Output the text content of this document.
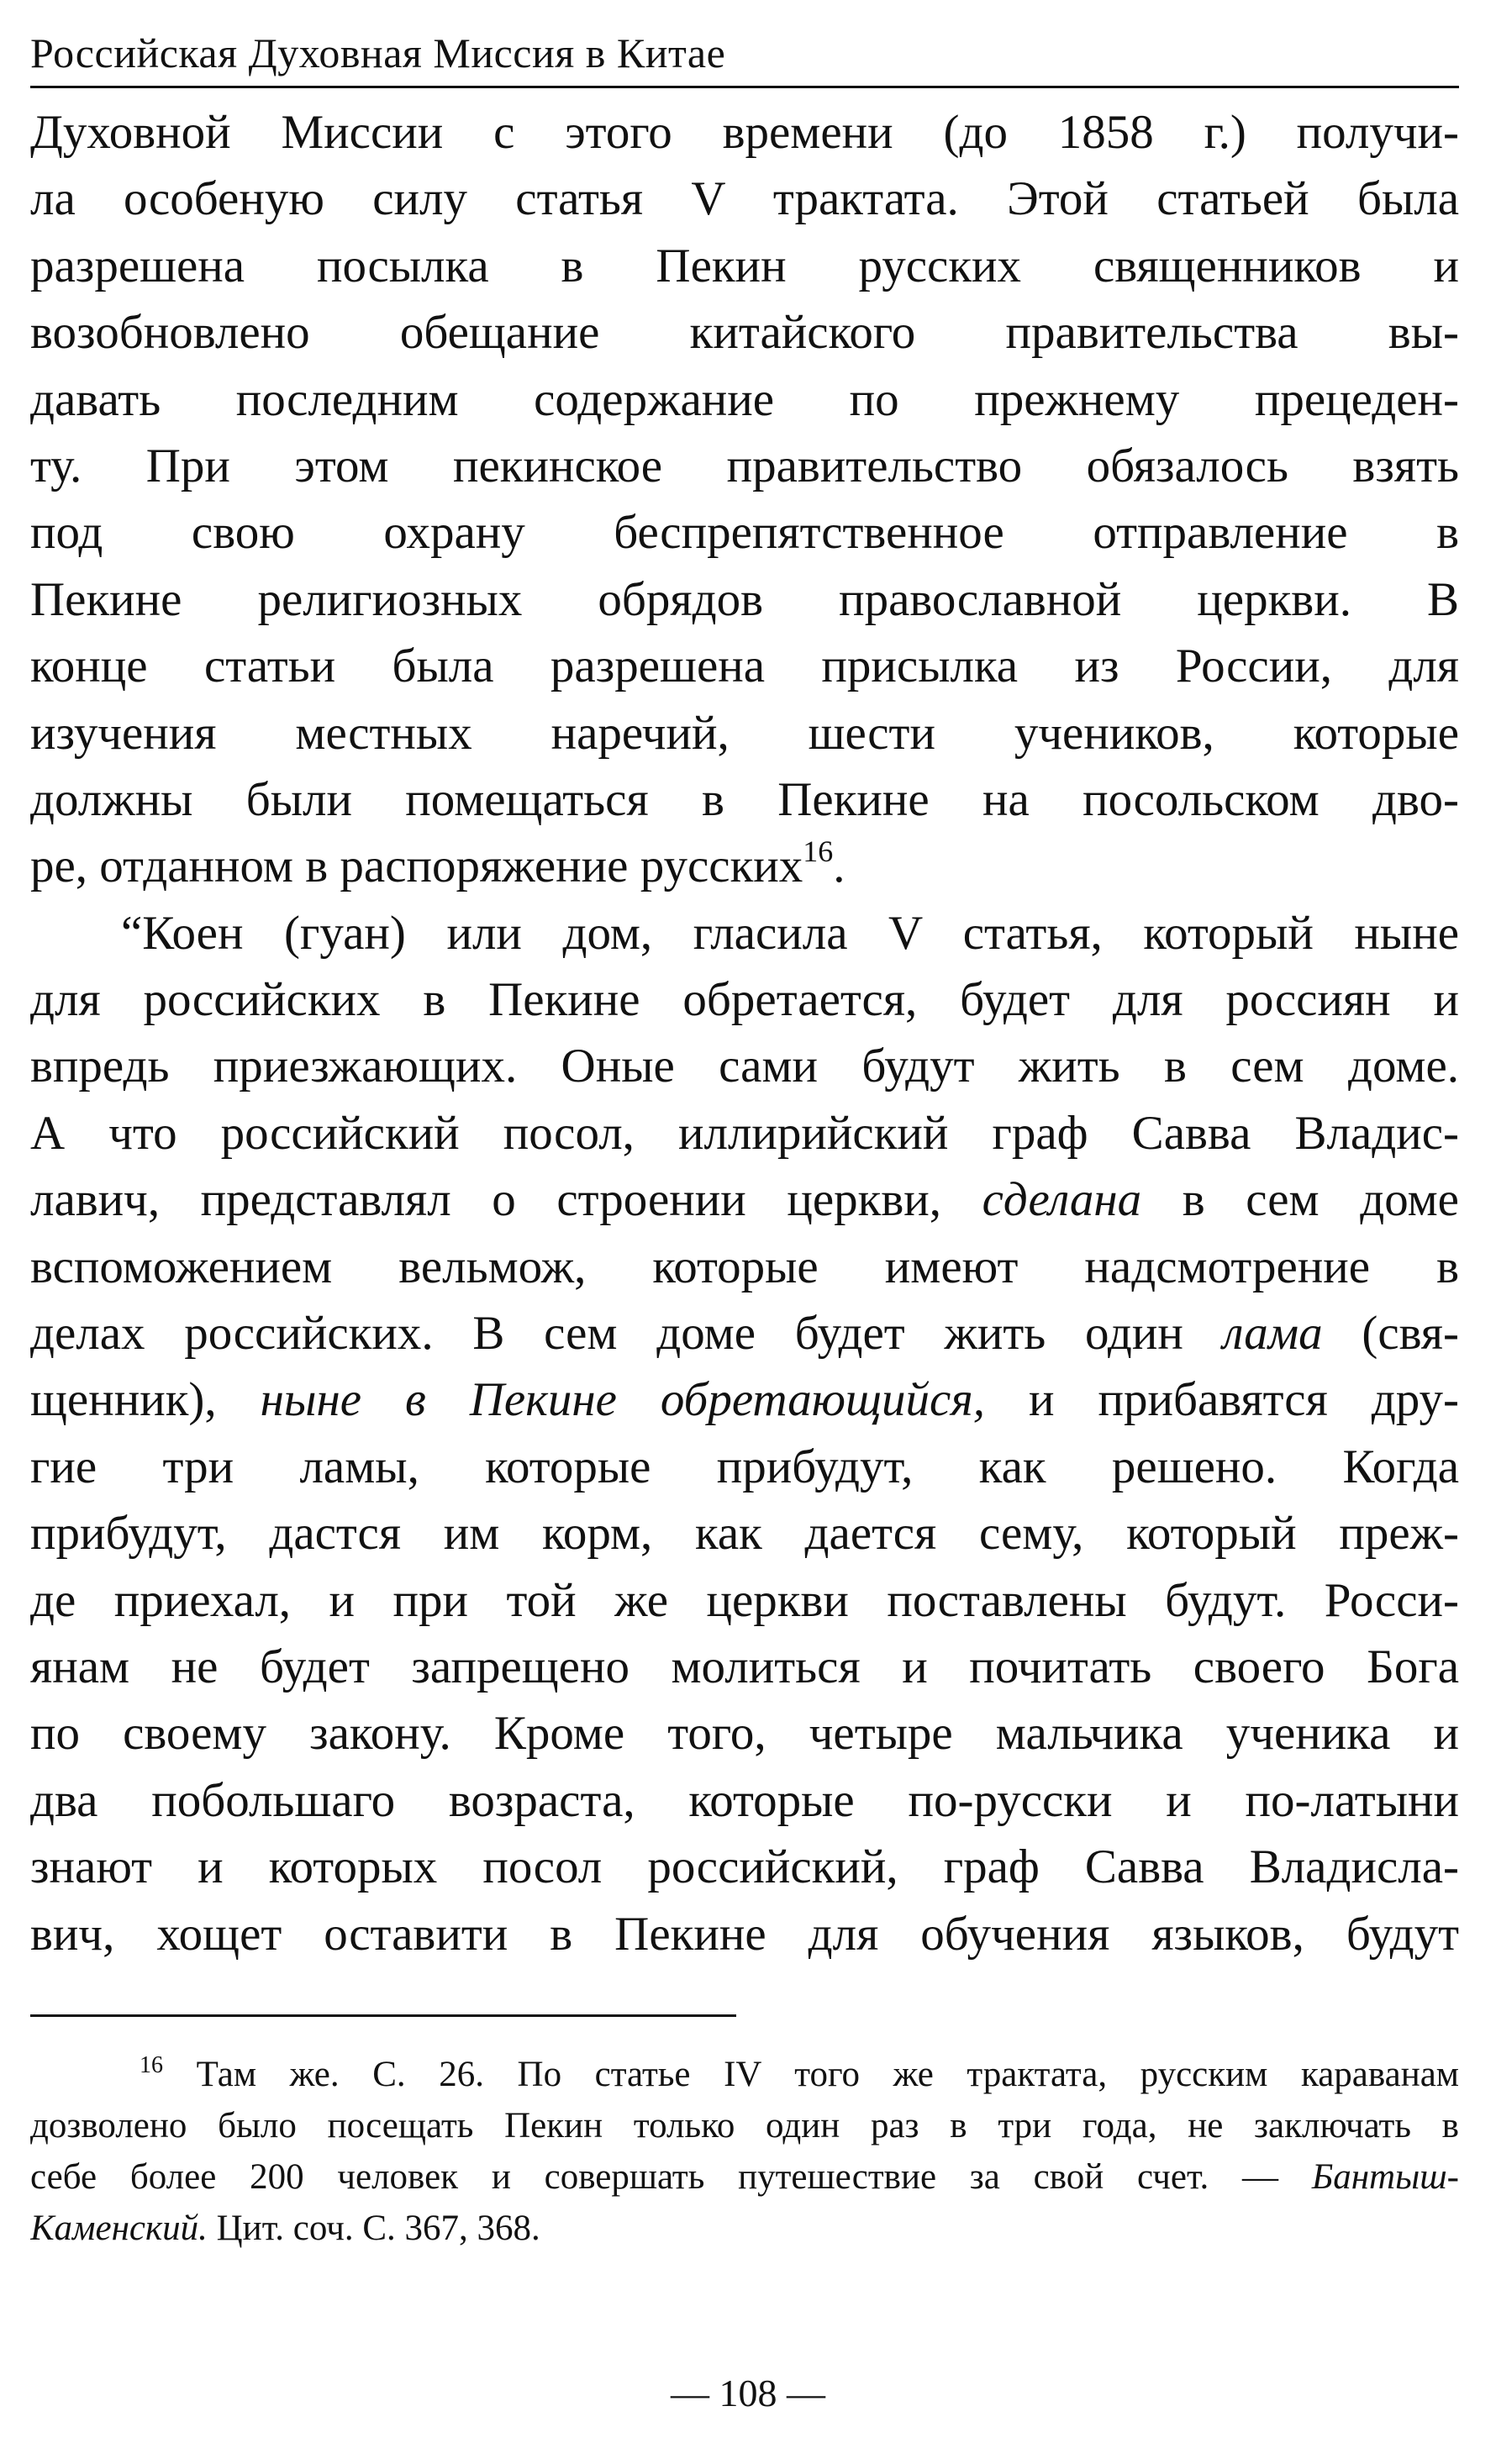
Российская Духовная Миссия в Китае
Духовной Миссии с этого времени (до 1858 г.) получи-
ла особеную силу статья V трактата. Этой статьей была
разрешена посылка в Пекин русских священников и
возобновлено обещание китайского правительства вы-
давать последним содержание по прежнему прецеден-
ту. При этом пекинское правительство обязалось взять
под свою охрану беспрепятственное отправление в
Пекине религиозных обрядов православной церкви. В
конце статьи была разрешена присылка из России, для
изучения местных наречий, шести учеников, которые
должны были помещаться в Пекине на посольском дво-
ре, отданном в распоряжение русских$^{16}$.
“Коен (гуан) или дом, гласила V статья, который ныне
для российских в Пекине обретается, будет для россиян и
впредь приезжающих. Оные сами будут жить в сем доме.
А что российский посол, иллирийский граф Савва Владис-
лавич, представлял о строении церкви, сделана в сем доме
вспоможением вельмож, которые имеют надсмотрение в
делах российских. В сем доме будет жить один лама (свя-
щенник), ныне в Пекине обретающийся, и прибавятся дру-
гие три ламы, которые прибудут, как решено. Когда
прибудут, дастся им корм, как дается сему, который преж-
де приехал, и при той же церкви поставлены будут. Росси-
янам не будет запрещено молиться и почитать своего Бога
по своему закону. Кроме того, четыре мальчика ученика и
два побольшаго возраста, которые по-русски и по-латыни
знают и которых посол российский, граф Савва Владисла-
вич, хощет оставити в Пекине для обучения языков, будут
$^{16}$ Там же. С. 26. По статье IV того же трактата, русским караванам
дозволено было посещать Пекин только один раз в три года, не заключать в
себе более 200 человек и совершать путешествие за свой счет. — Бантыш-
Каменский. Цит. соч. С. 367, 368.
— 108 —
